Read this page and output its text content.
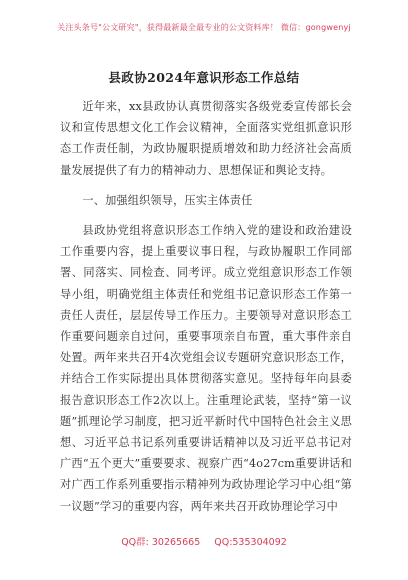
关注头条号"公文研究"，获得最新最全最专业的公文资料库！ 微信：gongwenyj
县政协2024年意识形态工作总结

近年来，xx县政协认真贯彻落实各级党委宣传部长会议和宣传思想文化工作会议精神，全面落实党组抓意识形态工作责任制，为政协履职提质增效和助力经济社会高质量发展提供了有力的精神动力、思想保证和舆论支持。

一、加强组织领导，压实主体责任

县政协党组将意识形态工作纳入党的建设和政治建设工作重要内容，提上重要议事日程，与政协履职工作同部署、同落实、同检查、同考评。成立党组意识形态工作领导小组，明确党组主体责任和党组书记意识形态工作第一责任人责任，层层传导工作压力。主要领导对意识形态工作重要问题亲自过问，重要事项亲自布置，重大事件亲自处置。两年来共召开4次党组会议专题研究意识形态工作，并结合工作实际提出具体贯彻落实意见。坚持每年向县委报告意识形态工作2次以上。注重理论武装，坚持“第一议题”抓理论学习制度，把习近平新时代中国特色社会主义思想、习近平总书记系列重要讲话精神以及习近平总书记对广西“五个更大”重要要求、视察广西“4o27cm重要讲话和对广西工作系列重要指示精神列为政协理论学习中心组“第一议题”学习的重要内容，两年来共召开政协理论学习中

QQ群: 30265665 QQ:535304092
